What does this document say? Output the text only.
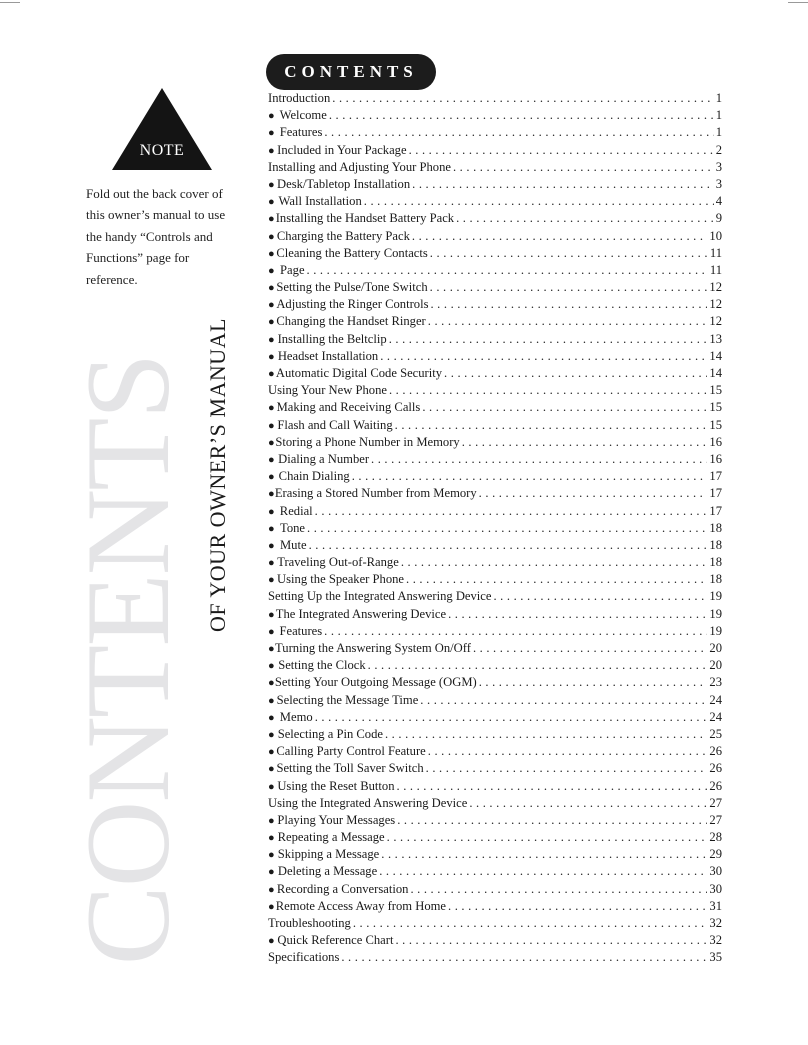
NOTE
Fold out the back cover of this owner’s manual to use the handy “Controls and Functions” page for reference.
CONTENTS OF YOUR OWNER’S MANUAL
CONTENTS
Introduction . . .	1
● Welcome . . .	1
● Features . . .	1
● Included in Your Package . . .	2
Installing and Adjusting Your Phone . . .	3
● Desk/Tabletop Installation . . .	3
● Wall Installation . . .	4
● Installing the Handset Battery Pack . . .	9
● Charging the Battery Pack . . .	10
● Cleaning the Battery Contacts . . .	11
● Page . . .	11
● Setting the Pulse/Tone Switch . . .	12
● Adjusting the Ringer Controls . . .	12
● Changing the Handset Ringer . . .	12
● Installing the Beltclip . . .	13
● Headset Installation . . .	14
● Automatic Digital Code Security . . .	14
Using Your New Phone . . .	15
● Making and Receiving Calls . . .	15
● Flash and Call Waiting . . .	15
● Storing a Phone Number in Memory . . .	16
● Dialing a Number . . .	16
● Chain Dialing . . .	17
● Erasing a Stored Number from Memory . . .	17
● Redial . . .	17
● Tone . . .	18
● Mute . . .	18
● Traveling Out-of-Range . . .	18
● Using the Speaker Phone . . .	18
Setting Up the Integrated Answering Device . . .	19
● The Integrated Answering Device . . .	19
● Features . . .	19
● Turning the Answering System On/Off . . .	20
● Setting the Clock . . .	20
● Setting Your Outgoing Message (OGM) . . .	23
● Selecting the Message Time . . .	24
● Memo . . .	24
● Selecting a Pin Code . . .	25
● Calling Party Control Feature . . .	26
● Setting the Toll Saver Switch . . .	26
● Using the Reset Button . . .	26
Using the Integrated Answering Device . . .	27
● Playing Your Messages . . .	27
● Repeating a Message . . .	28
● Skipping a Message . . .	29
● Deleting a Message . . .	30
● Recording a Conversation . . .	30
● Remote Access Away from Home . . .	31
Troubleshooting . . .	32
● Quick Reference Chart . . .	32
Specifications . . .	35
